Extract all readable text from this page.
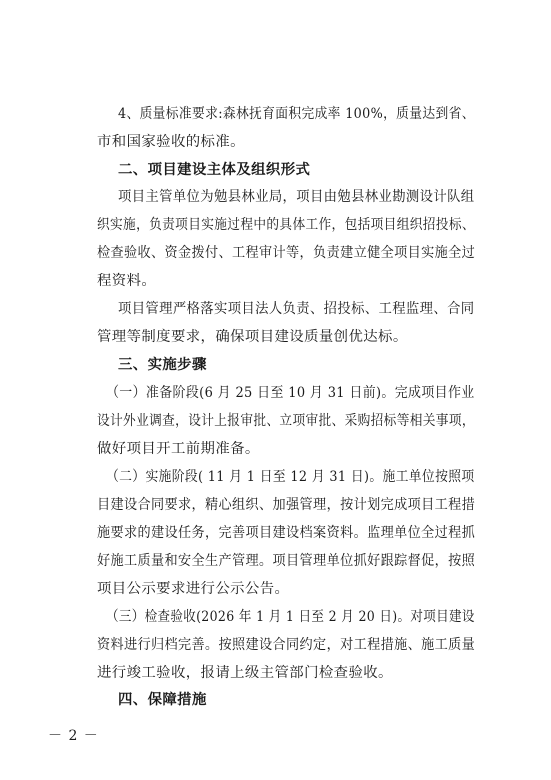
4、质量标准要求:森林抚育面积完成率 100%，质量达到省、
市和国家验收的标准。
二、项目建设主体及组织形式
项目主管单位为勉县林业局，项目由勉县林业勘测设计队组
织实施，负责项目实施过程中的具体工作，包括项目组织招投标、
检查验收、资金拨付、工程审计等，负责建立健全项目实施全过
程资料。
项目管理严格落实项目法人负责、招投标、工程监理、合同
管理等制度要求，确保项目建设质量创优达标。
三、实施步骤
（一）准备阶段(6 月 25 日至 10 月 31 日前)。完成项目作业
设计外业调查，设计上报审批、立项审批、采购招标等相关事项，
做好项目开工前期准备。
（二）实施阶段( 11 月 1 日至 12 月 31 日)。施工单位按照项
目建设合同要求，精心组织、加强管理，按计划完成项目工程措
施要求的建设任务，完善项目建设档案资料。监理单位全过程抓
好施工质量和安全生产管理。项目管理单位抓好跟踪督促，按照
项目公示要求进行公示公告。
（三）检查验收(2026 年 1 月 1 日至 2 月 20 日)。对项目建设
资料进行归档完善。按照建设合同约定，对工程措施、施工质量
进行竣工验收，报请上级主管部门检查验收。
四、保障措施
－ 2 －
